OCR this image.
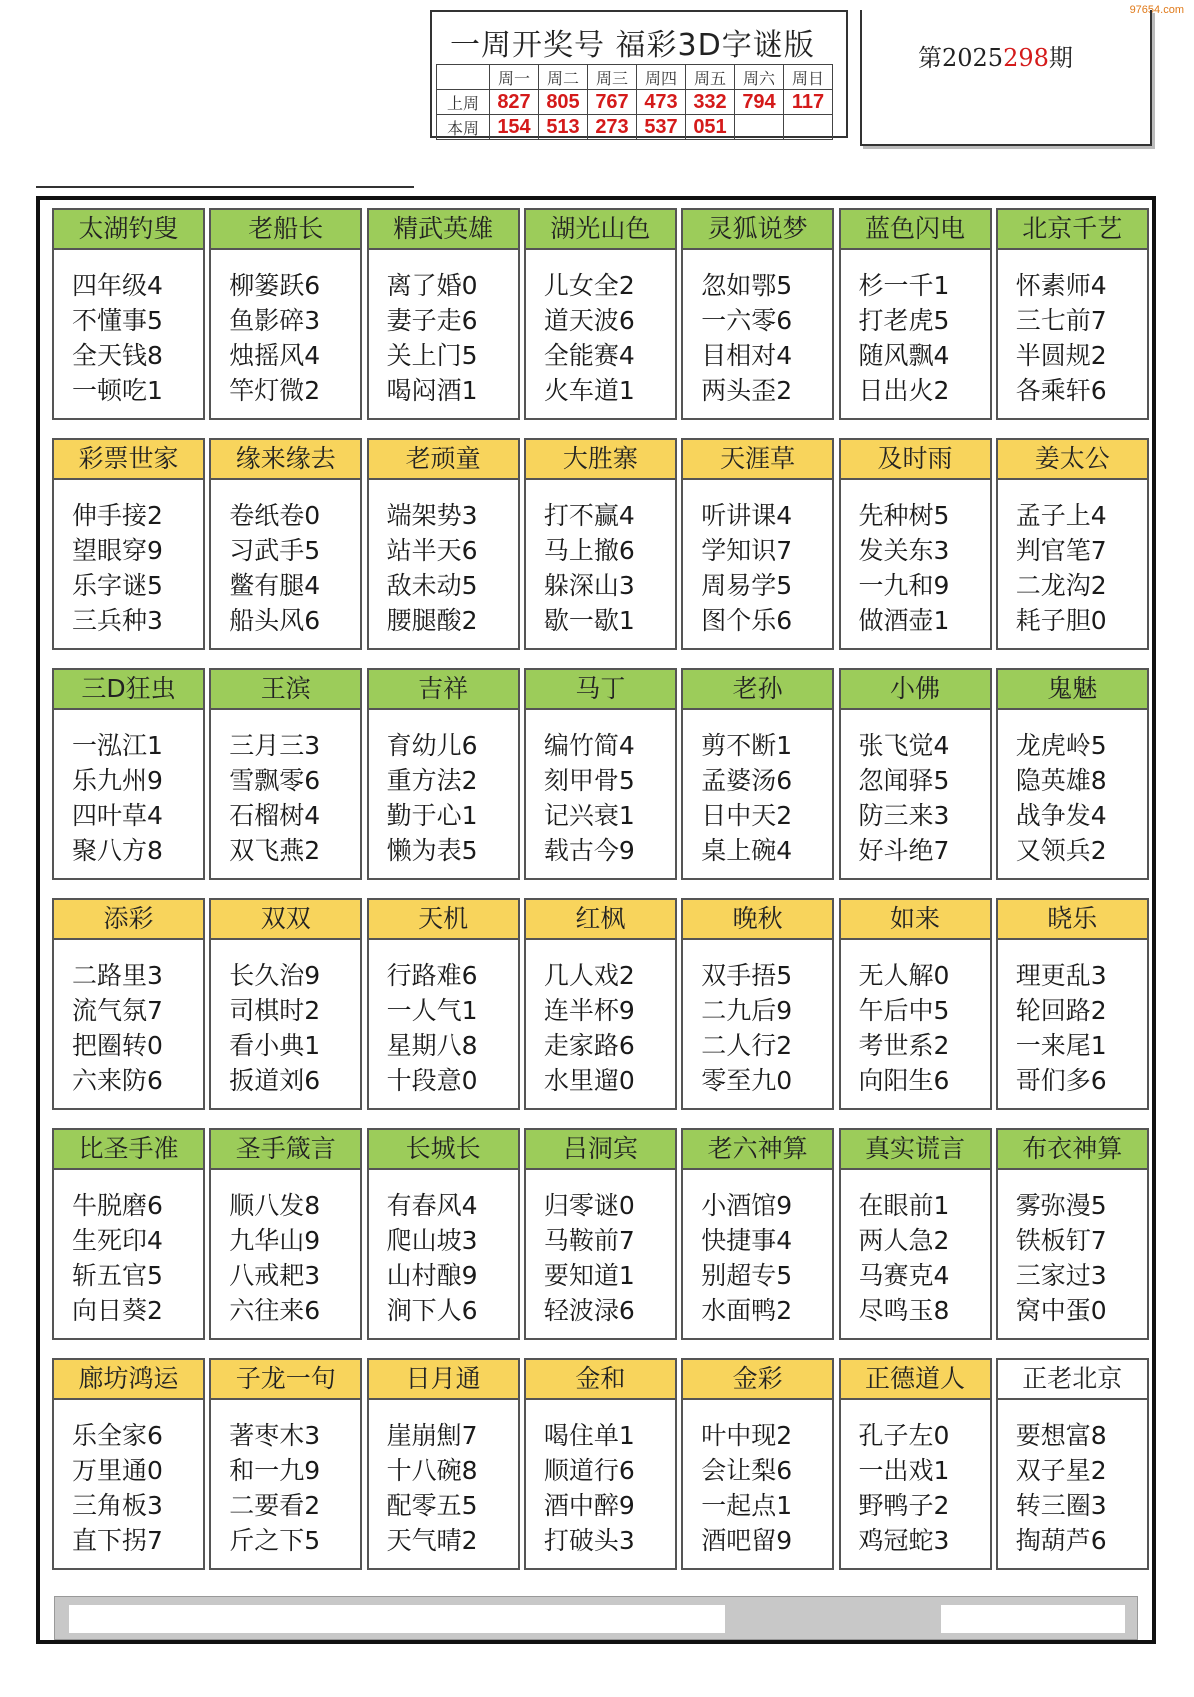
97654.com
一周开奖号 福彩3D字谜版
	周一	周二	周三	周四	周五	周六	周日
上周	827	805	767	473	332	794	117
本周	154	513	273	537	051		
第2025298期
太湖钓叟
四年级4
不懂事5
全天钱8
一顿吃1
老船长
柳篓跃6
鱼影碎3
烛摇风4
竿灯微2
精武英雄
离了婚0
妻子走6
关上门5
喝闷酒1
湖光山色
儿女全2
道天波6
全能赛4
火车道1
灵狐说梦
忽如鄂5
一六零6
目相对4
两头歪2
蓝色闪电
杉一千1
打老虎5
随风飘4
日出火2
北京千艺
怀素师4
三七前7
半圆规2
各乘轩6
彩票世家
伸手接2
望眼穿9
乐字谜5
三兵种3
缘来缘去
卷纸卷0
习武手5
鳖有腿4
船头风6
老顽童
端架势3
站半天6
敌未动5
腰腿酸2
大胜寨
打不赢4
马上撤6
躲深山3
歇一歇1
天涯草
听讲课4
学知识7
周易学5
图个乐6
及时雨
先种树5
发关东3
一九和9
做酒壶1
姜太公
孟子上4
判官笔7
二龙沟2
耗子胆0
三D狂虫
一泓江1
乐九州9
四叶草4
聚八方8
王滨
三月三3
雪飘零6
石榴树4
双飞燕2
吉祥
育幼儿6
重方法2
勤于心1
懒为表5
马丁
编竹简4
刻甲骨5
记兴衰1
载古今9
老孙
剪不断1
孟婆汤6
日中天2
桌上碗4
小佛
张飞觉4
忽闻驿5
防三来3
好斗绝7
鬼魅
龙虎岭5
隐英雄8
战争发4
又领兵2
添彩
二路里3
流气氛7
把圈转0
六来防6
双双
长久治9
司棋时2
看小典1
扳道刘6
天机
行路难6
一人气1
星期八8
十段意0
红枫
几人戏2
连半杯9
走家路6
水里遛0
晚秋
双手捂5
二九后9
二人行2
零至九0
如来
无人解0
午后中5
考世系2
向阳生6
晓乐
理更乱3
轮回路2
一来尾1
哥们多6
比圣手准
牛脱磨6
生死印4
斩五官5
向日葵2
圣手箴言
顺八发8
九华山9
八戒耙3
六往来6
长城长
有春风4
爬山坡3
山村酿9
涧下人6
吕洞宾
归零谜0
马鞍前7
要知道1
轻波渌6
老六神算
小酒馆9
快捷事4
别超专5
水面鸭2
真实谎言
在眼前1
两人急2
马赛克4
尽鸣玉8
布衣神算
雾弥漫5
铁板钉7
三家过3
窝中蛋0
廊坊鸿运
乐全家6
万里通0
三角板3
直下拐7
子龙一句
著枣木3
和一九9
二要看2
斤之下5
日月通
崖崩劁7
十八碗8
配零五5
天气晴2
金和
喝住单1
顺道行6
酒中醉9
打破头3
金彩
叶中现2
会让梨6
一起点1
酒吧留9
正德道人
孔子左0
一出戏1
野鸭子2
鸡冠蛇3
正老北京
要想富8
双子星2
转三圈3
掏葫芦6
